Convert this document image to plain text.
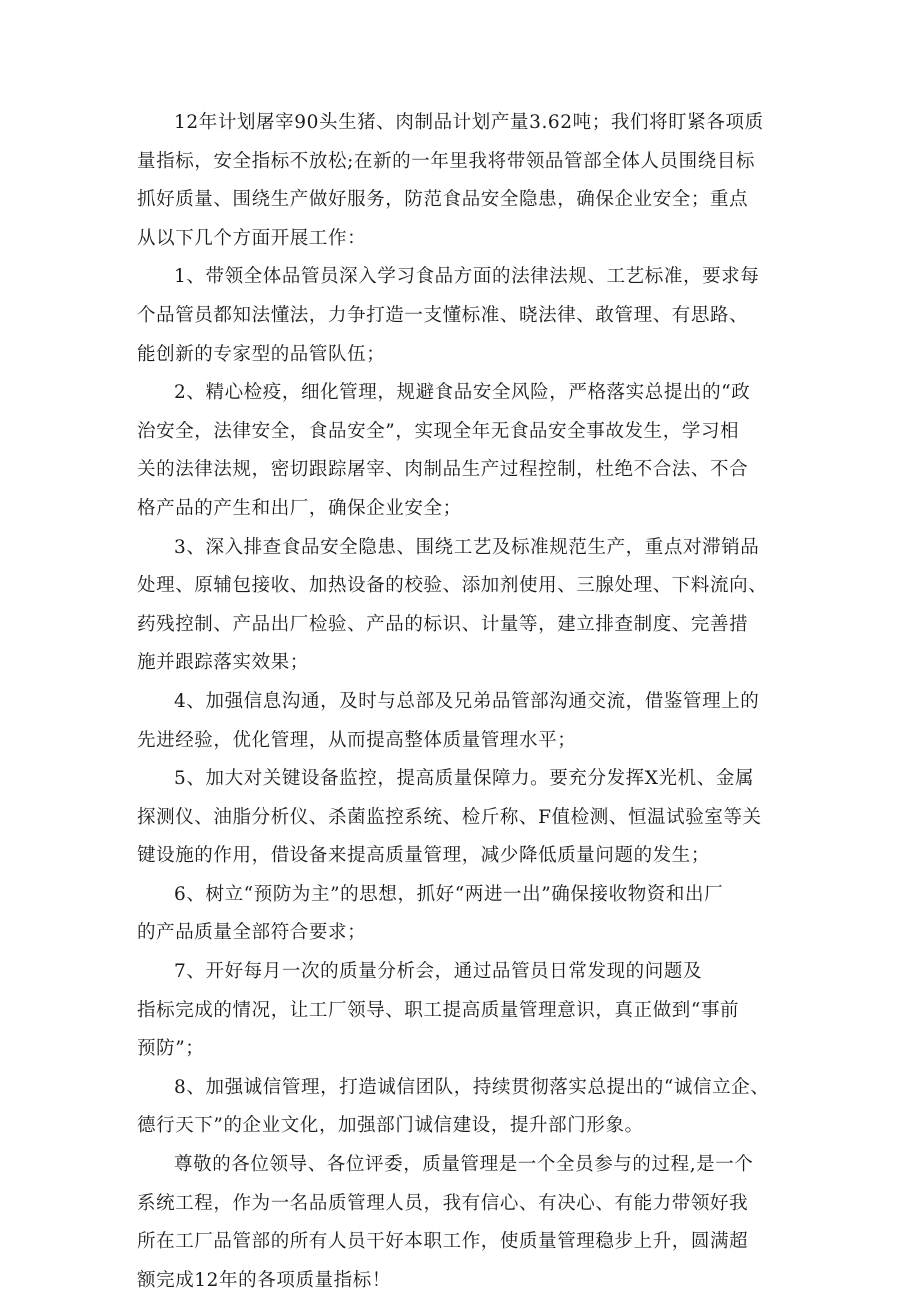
12年计划屠宰90头生猪、肉制品计划产量3.62吨；我们将盯紧各项质
量指标，安全指标不放松;在新的一年里我将带领品管部全体人员围绕目标
抓好质量、围绕生产做好服务，防范食品安全隐患，确保企业安全；重点
从以下几个方面开展工作：

1、带领全体品管员深入学习食品方面的法律法规、工艺标准，要求每
个品管员都知法懂法，力争打造一支懂标准、晓法律、敢管理、有思路、
能创新的专家型的品管队伍；

2、精心检疫，细化管理，规避食品安全风险，严格落实总提出的“政
治安全，法律安全，食品安全”，实现全年无食品安全事故发生，学习相
关的法律法规，密切跟踪屠宰、肉制品生产过程控制，杜绝不合法、不合
格产品的产生和出厂，确保企业安全；

3、深入排查食品安全隐患、围绕工艺及标准规范生产，重点对滞销品
处理、原辅包接收、加热设备的校验、添加剂使用、三腺处理、下料流向、
药残控制、产品出厂检验、产品的标识、计量等，建立排查制度、完善措
施并跟踪落实效果；

4、加强信息沟通，及时与总部及兄弟品管部沟通交流，借鉴管理上的
先进经验，优化管理，从而提高整体质量管理水平；

5、加大对关键设备监控，提高质量保障力。要充分发挥X光机、金属
探测仪、油脂分析仪、杀菌监控系统、检斤称、F值检测、恒温试验室等关
键设施的作用，借设备来提高质量管理，减少降低质量问题的发生；

6、树立“预防为主”的思想，抓好“两进一出”确保接收物资和出厂
的产品质量全部符合要求；

7、开好每月一次的质量分析会，通过品管员日常发现的问题及
指标完成的情况，让工厂领导、职工提高质量管理意识，真正做到“事前
预防”；

8、加强诚信管理，打造诚信团队，持续贯彻落实总提出的“诚信立企、
德行天下”的企业文化，加强部门诚信建设，提升部门形象。

尊敬的各位领导、各位评委，质量管理是一个全员参与的过程,是一个
系统工程，作为一名品质管理人员，我有信心、有决心、有能力带领好我
所在工厂品管部的所有人员干好本职工作，使质量管理稳步上升，圆满超
额完成12年的各项质量指标！
